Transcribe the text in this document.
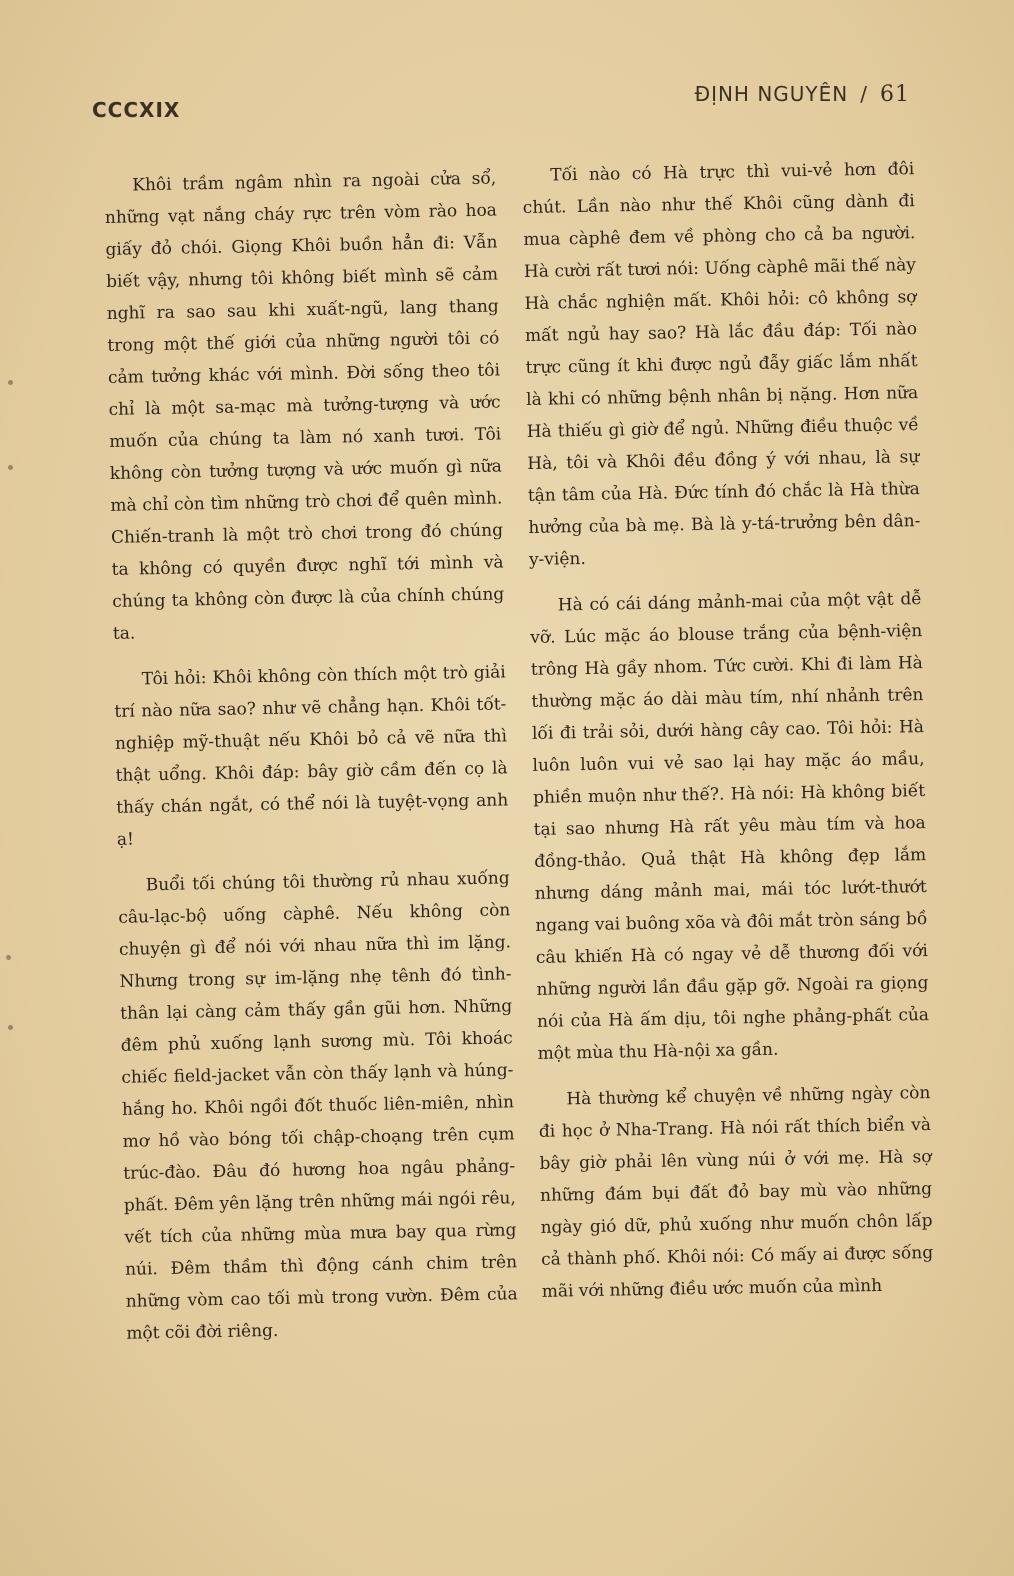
CCCXIX
ĐỊNH NGUYÊN / 61

Khôi trầm ngâm nhìn ra ngoài cửa sổ, những vạt nắng cháy rực trên vòm rào hoa giấy đỏ chói. Giọng Khôi buồn hẳn đi: Vẫn biết vậy, nhưng tôi không biết mình sẽ cảm nghĩ ra sao sau khi xuất-ngũ, lang thang trong một thế giới của những người tôi có cảm tưởng khác với mình. Đời sống theo tôi chỉ là một sa-mạc mà tưởng-tượng và ước muốn của chúng ta làm nó xanh tươi. Tôi không còn tưởng tượng và ước muốn gì nữa mà chỉ còn tìm những trò chơi để quên mình. Chiến-tranh là một trò chơi trong đó chúng ta không có quyền được nghĩ tới mình và chúng ta không còn được là của chính chúng ta.

Tôi hỏi: Khôi không còn thích một trò giải trí nào nữa sao? như vẽ chẳng hạn. Khôi tốt-nghiệp mỹ-thuật nếu Khôi bỏ cả vẽ nữa thì thật uổng. Khôi đáp: bây giờ cầm đến cọ là thấy chán ngắt, có thể nói là tuyệt-vọng anh ạ!

Buổi tối chúng tôi thường rủ nhau xuống câu-lạc-bộ uống càphê. Nếu không còn chuyện gì để nói với nhau nữa thì im lặng. Nhưng trong sự im-lặng nhẹ tênh đó tình-thân lại càng cảm thấy gần gũi hơn. Những đêm phủ xuống lạnh sương mù. Tôi khoác chiếc field-jacket vẫn còn thấy lạnh và húng-hắng ho. Khôi ngồi đốt thuốc liên-miên, nhìn mơ hồ vào bóng tối chập-choạng trên cụm trúc-đào. Đâu đó hương hoa ngâu phảng-phất. Đêm yên lặng trên những mái ngói rêu, vết tích của những mùa mưa bay qua rừng núi. Đêm thầm thì động cánh chim trên những vòm cao tối mù trong vườn. Đêm của một cõi đời riêng.

Tối nào có Hà trực thì vui-vẻ hơn đôi chút. Lần nào như thế Khôi cũng dành đi mua càphê đem về phòng cho cả ba người. Hà cười rất tươi nói: Uống càphê mãi thế này Hà chắc nghiện mất. Khôi hỏi: cô không sợ mất ngủ hay sao? Hà lắc đầu đáp: Tối nào trực cũng ít khi được ngủ đẫy giấc lắm nhất là khi có những bệnh nhân bị nặng. Hơn nữa Hà thiếu gì giờ để ngủ. Những điều thuộc về Hà, tôi và Khôi đều đồng ý với nhau, là sự tận tâm của Hà. Đức tính đó chắc là Hà thừa hưởng của bà mẹ. Bà là y-tá-trưởng bên dân-y-viện.

Hà có cái dáng mảnh-mai của một vật dễ vỡ. Lúc mặc áo blouse trắng của bệnh-viện trông Hà gầy nhom. Tức cười. Khi đi làm Hà thường mặc áo dài màu tím, nhí nhảnh trên lối đi trải sỏi, dưới hàng cây cao. Tôi hỏi: Hà luôn luôn vui vẻ sao lại hay mặc áo mầu, phiền muộn như thế?. Hà nói: Hà không biết tại sao nhưng Hà rất yêu màu tím và hoa đồng-thảo. Quả thật Hà không đẹp lắm nhưng dáng mảnh mai, mái tóc lướt-thướt ngang vai buông xõa và đôi mắt tròn sáng bồ câu khiến Hà có ngay vẻ dễ thương đối với những người lần đầu gặp gỡ. Ngoài ra giọng nói của Hà ấm dịu, tôi nghe phảng-phất của một mùa thu Hà-nội xa gần.

Hà thường kể chuyện về những ngày còn đi học ở Nha-Trang. Hà nói rất thích biển và bây giờ phải lên vùng núi ở với mẹ. Hà sợ những đám bụi đất đỏ bay mù vào những ngày gió dữ, phủ xuống như muốn chôn lấp cả thành phố. Khôi nói: Có mấy ai được sống mãi với những điều ước muốn của mình
